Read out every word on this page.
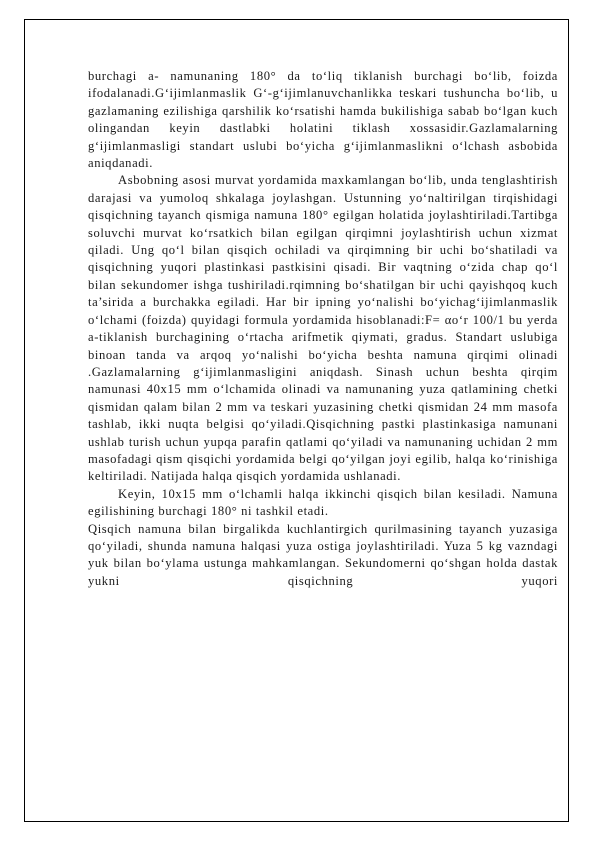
burchagi a- namunaning 180° da to‘liq tiklanish burchagi bo‘lib, foizda ifodalanadi.G‘ijimlanmaslik G‘-g‘ijimlanuvchanlikka teskari tushuncha bo‘lib, u gazlamaning ezilishiga qarshilik ko‘rsatishi hamda bukilishiga sabab bo‘lgan kuch olingandan keyin dastlabki holatini tiklash xossasidir.Gazlamalarning g‘ijimlanmasligi standart uslubi bo‘yicha g‘ijimlanmaslikni o‘lchash asbobida aniqdanadi.

Asbobning asosi murvat yordamida maxkamlangan bo‘lib, unda tenglashtirish darajasi va yumoloq shkalaga joylashgan. Ustunning yo‘naltirilgan tirqishidagi qisqichning tayanch qismiga namuna 180° egilgan holatida joylashtiriladi.Tartibga soluvchi murvat ko‘rsatkich bilan egilgan qirqimni joylashtirish uchun xizmat qiladi. Ung qo‘l bilan qisqich ochiladi va qirqimning bir uchi bo‘shatiladi va qisqichning yuqori plastinkasi pastkisini qisadi. Bir vaqtning o‘zida chap qo‘l bilan sekundomer ishga tushiriladi.rqimning bo‘shatilgan bir uchi qayishqoq kuch ta’sirida a burchakka egiladi. Har bir ipning yo‘nalishi bo‘yichag‘ijimlanmaslik o‘lchami (foizda) quyidagi formula yordamida hisoblanadi:F= αo‘r 100/1 bu yerda a-tiklanish burchagining o‘rtacha arifmetik qiymati, gradus. Standart uslubiga binoan tanda va arqoq yo‘nalishi bo‘yicha beshta namuna qirqimi olinadi .Gazlamalarning g‘ijimlanmasligini aniqdash. Sinash uchun beshta qirqim namunasi 40x15 mm o‘lchamida olinadi va namunaning yuza qatlamining chetki qismidan qalam bilan 2 mm va teskari yuzasining chetki qismidan 24 mm masofa tashlab, ikki nuqta belgisi qo‘yiladi.Qisqichning pastki plastinkasiga namunani ushlab turish uchun yupqa parafin qatlami qo‘yiladi va namunaning uchidan 2 mm masofadagi qism qisqichi yordamida belgi qo‘yilgan joyi egilib, halqa ko‘rinishiga keltiriladi. Natijada halqa qisqich yordamida ushlanadi.

Keyin, 10x15 mm o‘lchamli halqa ikkinchi qisqich bilan kesiladi. Namuna egilishining burchagi 180° ni tashkil etadi.

Qisqich namuna bilan birgalikda kuchlantirgich qurilmasining tayanch yuzasiga qo‘yiladi, shunda namuna halqasi yuza ostiga joylashtiriladi. Yuza 5 kg vazndagi yuk bilan bo‘ylama ustunga mahkamlangan. Sekundomerni qo‘shgan holda dastak yukni qisqichning yuqori
